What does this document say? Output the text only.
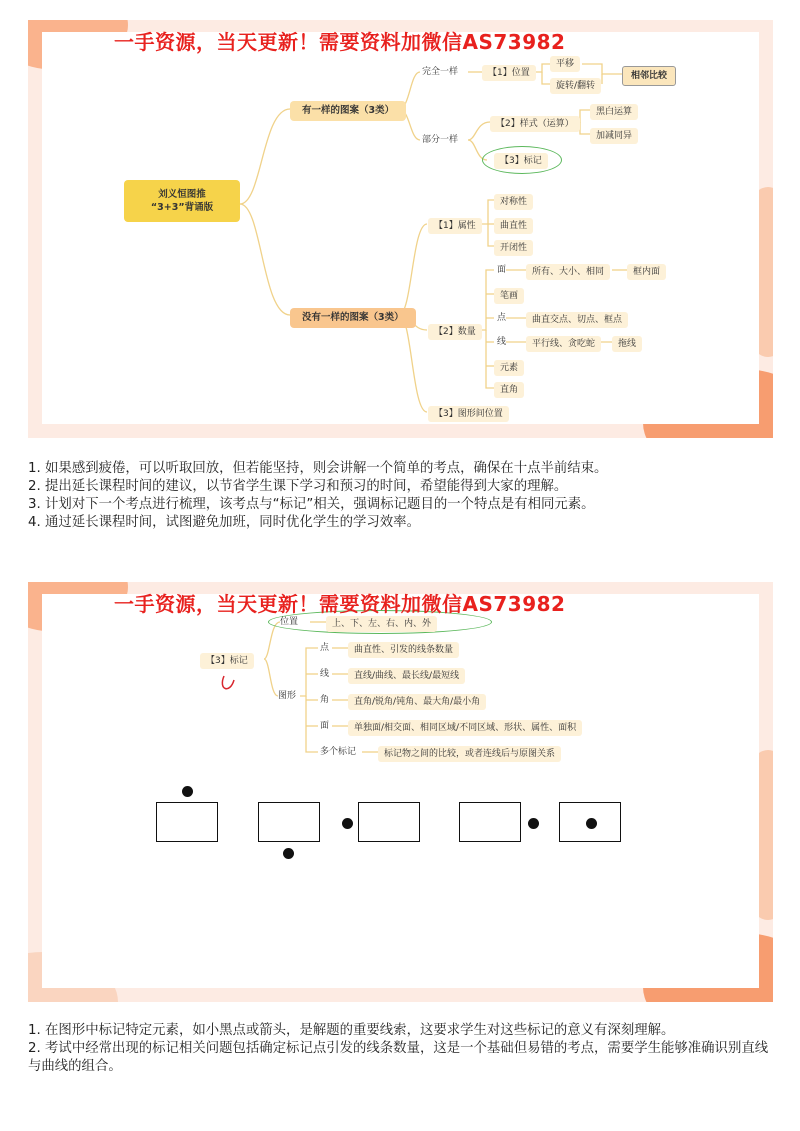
刘义恒图推
“3+3”背诵版
有一样的图案（3类）
没有一样的图案（3类）
完全一样	【1】位置
平移
旋转/翻转
相邻比较
部分一样
【2】样式（运算）
黑白运算
加减同异
【3】标记
【1】属性
对称性
曲直性
开闭性
【2】数量
面	所有、大小、相同	框内面
笔画
点	曲直交点、切点、框点
线	平行线、贪吃蛇	拖线
元素
直角
【3】图形间位置
一手资源，当天更新！需要资料加微信AS73982

1. 如果感到疲倦，可以听取回放，但若能坚持，则会讲解一个简单的考点，确保在十点半前结束。

2. 提出延长课程时间的建议，以节省学生课下学习和预习的时间，希望能得到大家的理解。

3. 计划对下一个考点进行梳理，该考点与“标记”相关，强调标记题目的一个特点是有相同元素。

4. 通过延长课程时间，试图避免加班，同时优化学生的学习效率。

【3】标记
位置	上、下、左、右、内、外
图形
点	曲直性、引发的线条数量
线	直线/曲线、最长线/最短线
角	直角/锐角/钝角、最大角/最小角
面	单独面/相交面、相同区域/不同区域、形状、属性、面积
多个标记	标记物之间的比较，或者连线后与原图关系
一手资源，当天更新！需要资料加微信AS73982

1. 在图形中标记特定元素，如小黑点或箭头，是解题的重要线索，这要求学生对这些标记的意义有深刻理解。

2. 考试中经常出现的标记相关问题包括确定标记点引发的线条数量，这是一个基础但易错的考点，需要学生能够准确识别直线与曲线的组合。
